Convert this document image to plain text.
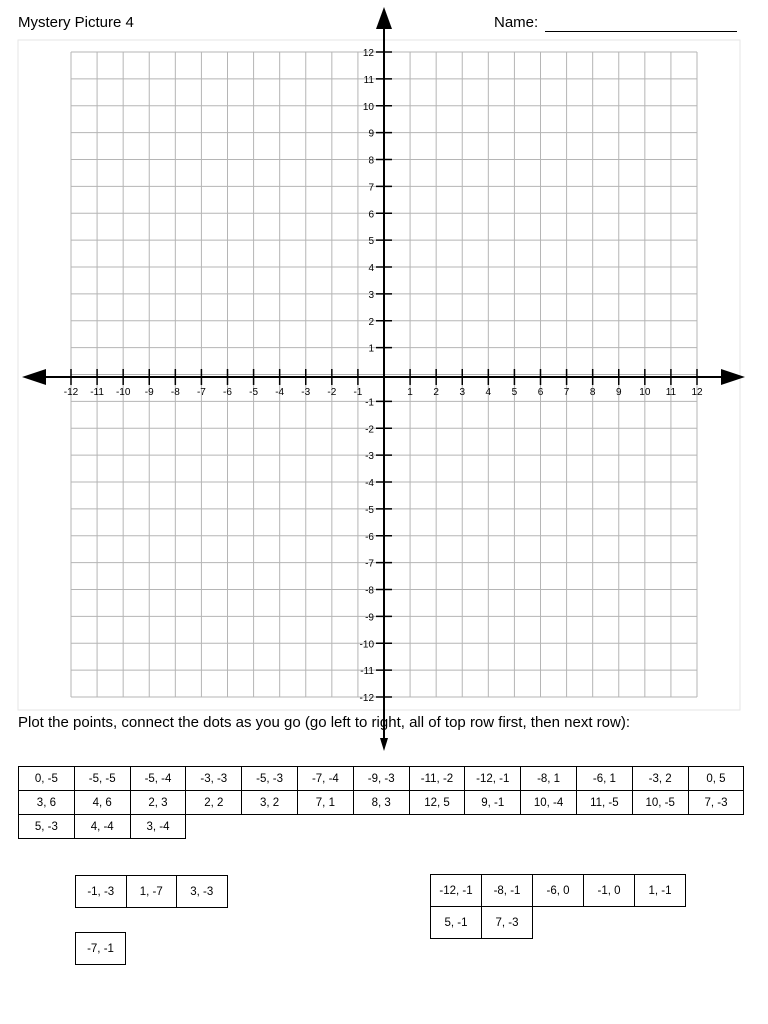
Mystery Picture 4	Name:
-12 -11 -10 -9 -8 -7 -6 -5 -4 -3 -2 -1	1 2 3 4 5 6 7 8 9 10 11 12
12
11
10
9
8
7
6
5
4
3
2
1
-1
-2
-3
-4
-5
-6
-7
-8
-9
-10
-11
-12
Plot the points, connect the dots as you go (go left to right, all of top row first, then next row):
0, -5	-5, -5	-5, -4	-3, -3	-5, -3	-7, -4	-9, -3	-11, -2	-12, -1	-8, 1	-6, 1	-3, 2	0, 5
3, 6	4, 6	2, 3	2, 2	3, 2	7, 1	8, 3	12, 5	9, -1	10, -4	11, -5	10, -5	7, -3
5, -3	4, -4	3, -4										
-1, -3	1, -7	3, -3
-7, -1
-12, -1	-8, -1	-6, 0	-1, 0	1, -1
5, -1	7, -3			
